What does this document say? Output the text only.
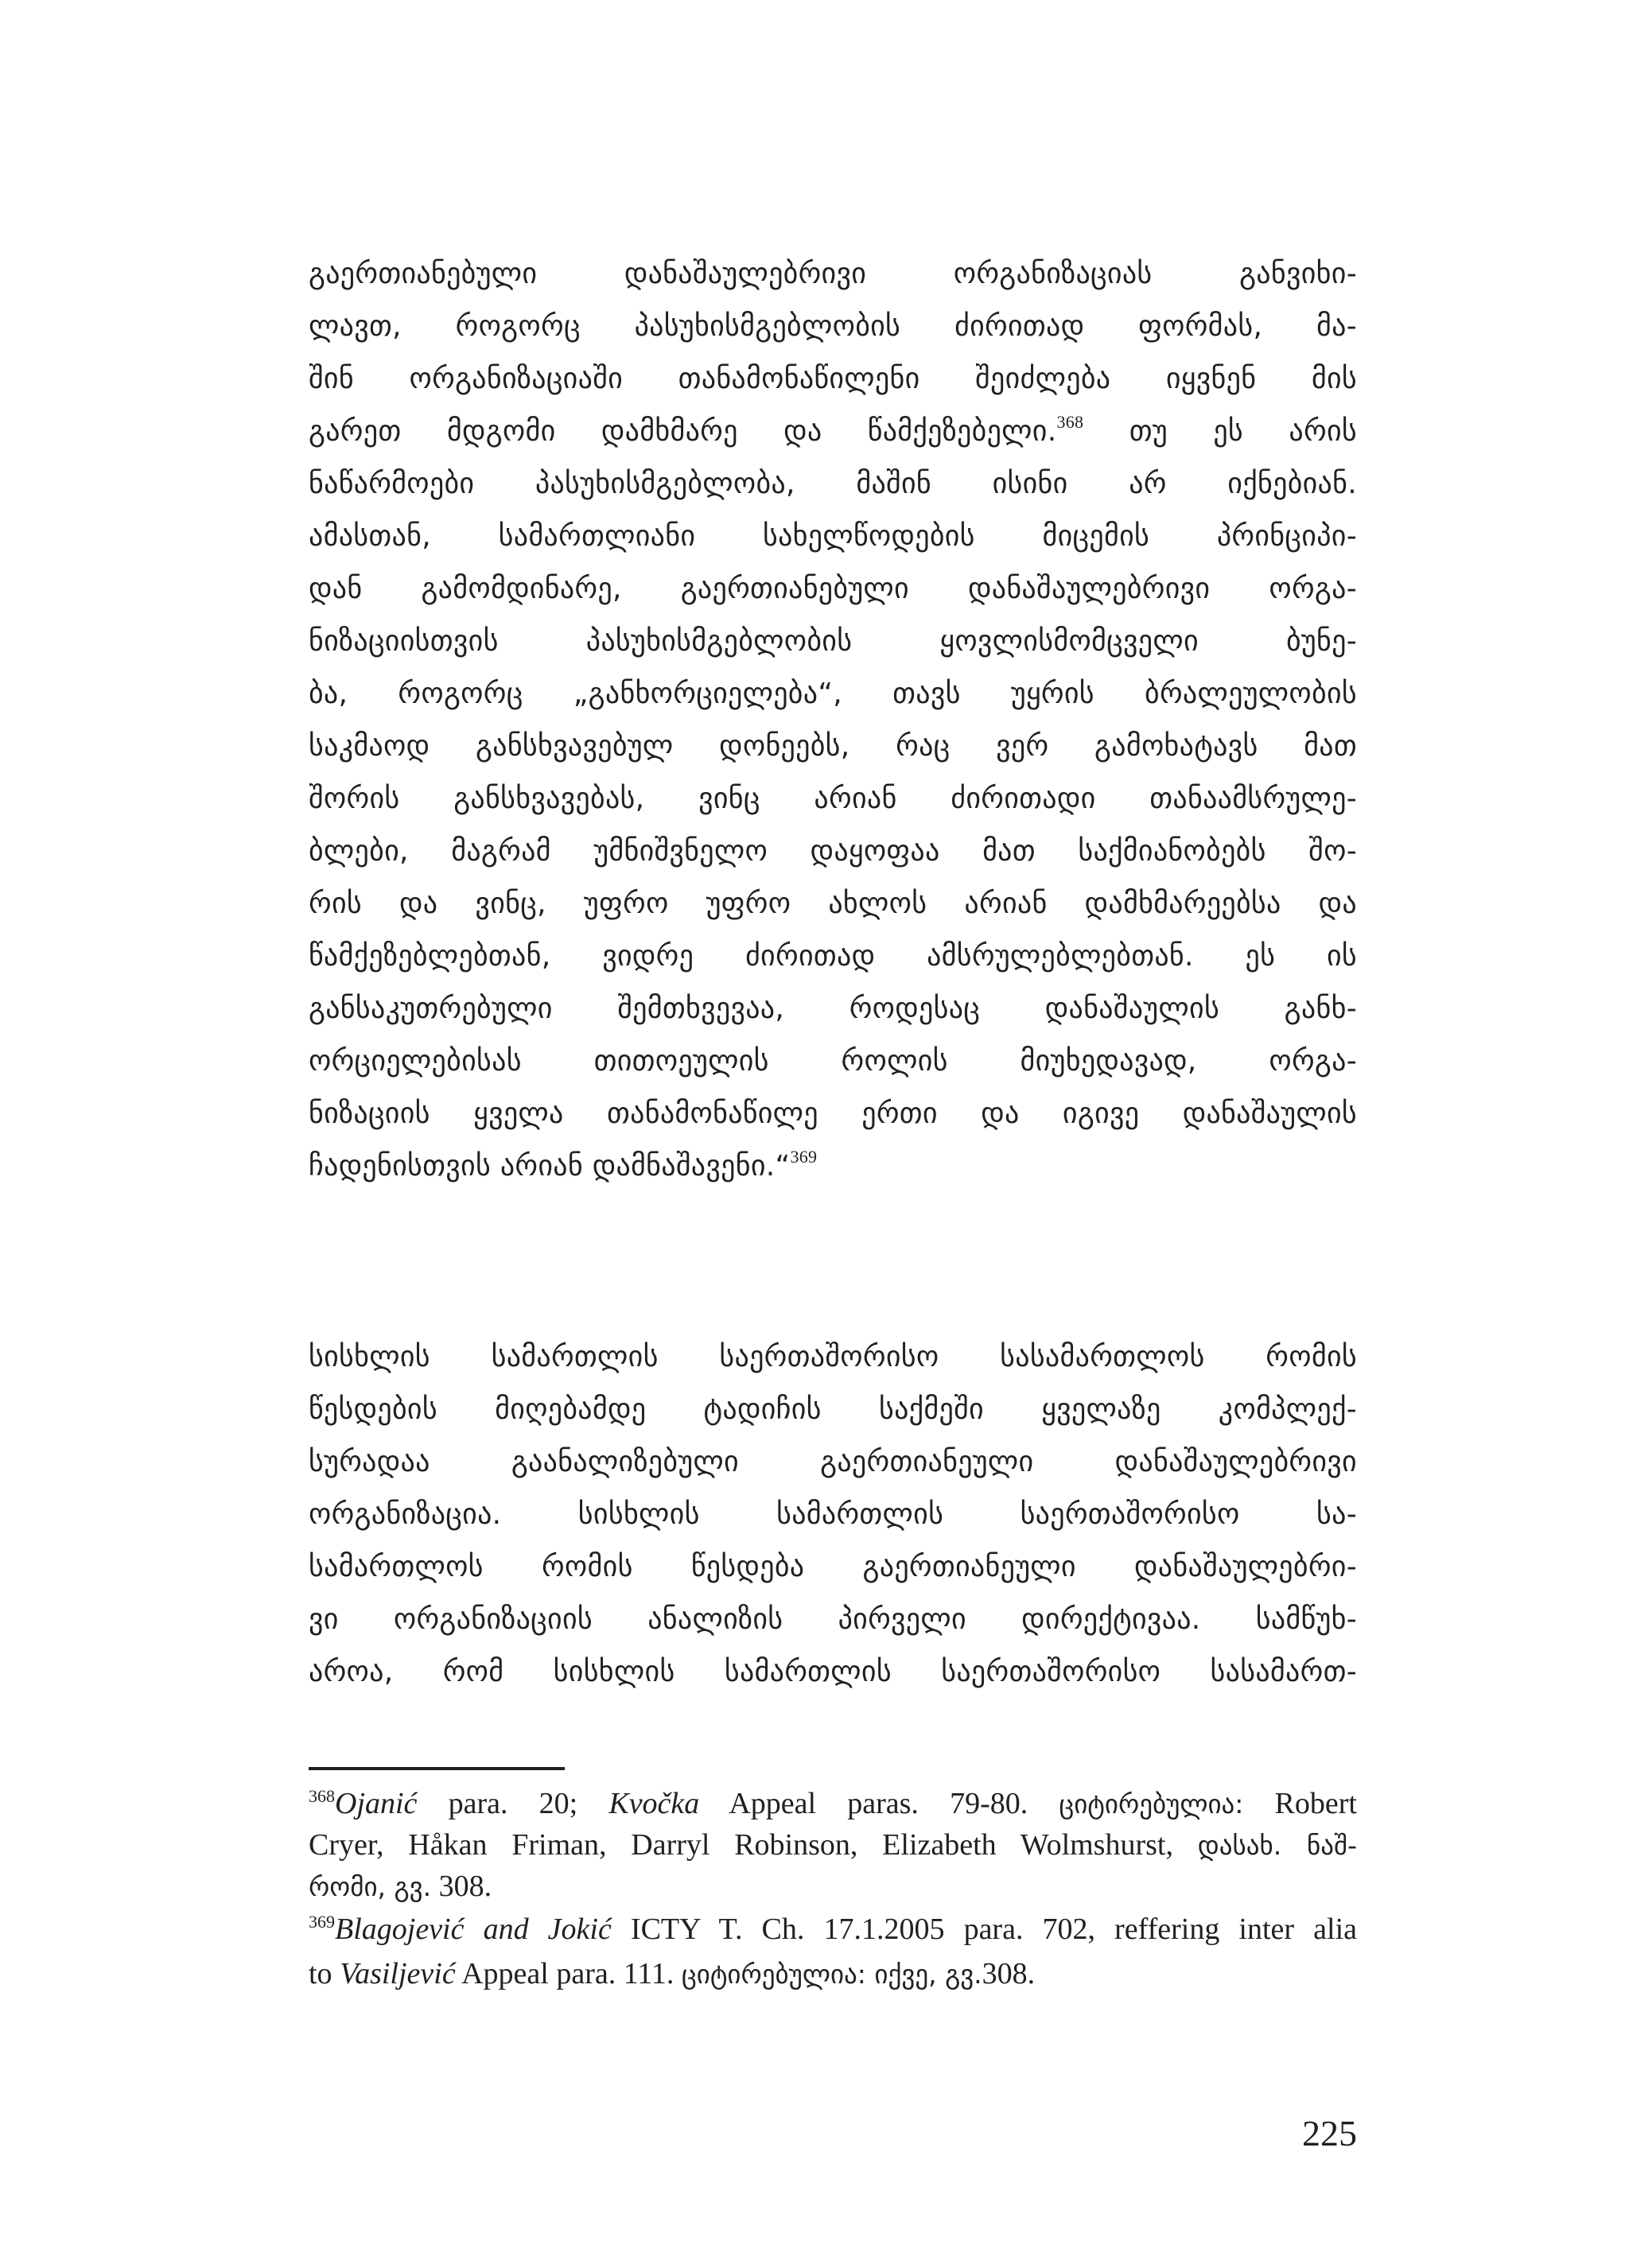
გაერთიანებული დანაშაულებრივი ორგანიზაციას განვიხი-
ლავთ, როგორც პასუხისმგებლობის ძირითად ფორმას, მა-
შინ ორგანიზაციაში თანამონაწილენი შეიძლება იყვნენ მის
გარეთ მდგომი დამხმარე და წამქეზებელი.$^{368}$ თუ ეს არის
ნაწარმოები პასუხისმგებლობა, მაშინ ისინი არ იქნებიან.
ამასთან, სამართლიანი სახელწოდების მიცემის პრინციპი-
დან გამომდინარე, გაერთიანებული დანაშაულებრივი ორგა-
ნიზაციისთვის პასუხისმგებლობის ყოვლისმომცველი ბუნე-
ბა, როგორც „განხორციელება“, თავს უყრის ბრალეულობის
საკმაოდ განსხვავებულ დონეებს, რაც ვერ გამოხატავს მათ
შორის განსხვავებას, ვინც არიან ძირითადი თანაამსრულე-
ბლები, მაგრამ უმნიშვნელო დაყოფაა მათ საქმიანობებს შო-
რის და ვინც, უფრო უფრო ახლოს არიან დამხმარეებსა და
წამქეზებლებთან, ვიდრე ძირითად ამსრულებლებთან. ეს ის
განსაკუთრებული შემთხვევაა, როდესაც დანაშაულის განხ-
ორციელებისას თითოეულის როლის მიუხედავად, ორგა-
ნიზაციის ყველა თანამონაწილე ერთი და იგივე დანაშაულის
ჩადენისთვის არიან დამნაშავენი.“$^{369}$
სისხლის სამართლის საერთაშორისო სასამართლოს რომის
წესდების მიღებამდე ტადიჩის საქმეში ყველაზე კომპლექ-
სურადაა გაანალიზებული გაერთიანეული დანაშაულებრივი
ორგანიზაცია. სისხლის სამართლის საერთაშორისო სა-
სამართლოს რომის წესდება გაერთიანეული დანაშაულებრი-
ვი ორგანიზაციის ანალიზის პირველი დირექტივაა. სამწუხ-
აროა, რომ სისხლის სამართლის საერთაშორისო სასამართ-
$^{368}$Ojanić para. 20; Kvočka Appeal paras. 79-80. ციტირებულია: Robert
Cryer, Håkan Friman, Darryl Robinson, Elizabeth Wolmshurst, დასახ. ნაშ-
რომი, გვ. 308.
$^{369}$Blagojević and Jokić ICTY T. Ch. 17.1.2005 para. 702, reffering inter alia
to Vasiljević Appeal para. 111. ციტირებულია: იქვე, გვ.308.
225
